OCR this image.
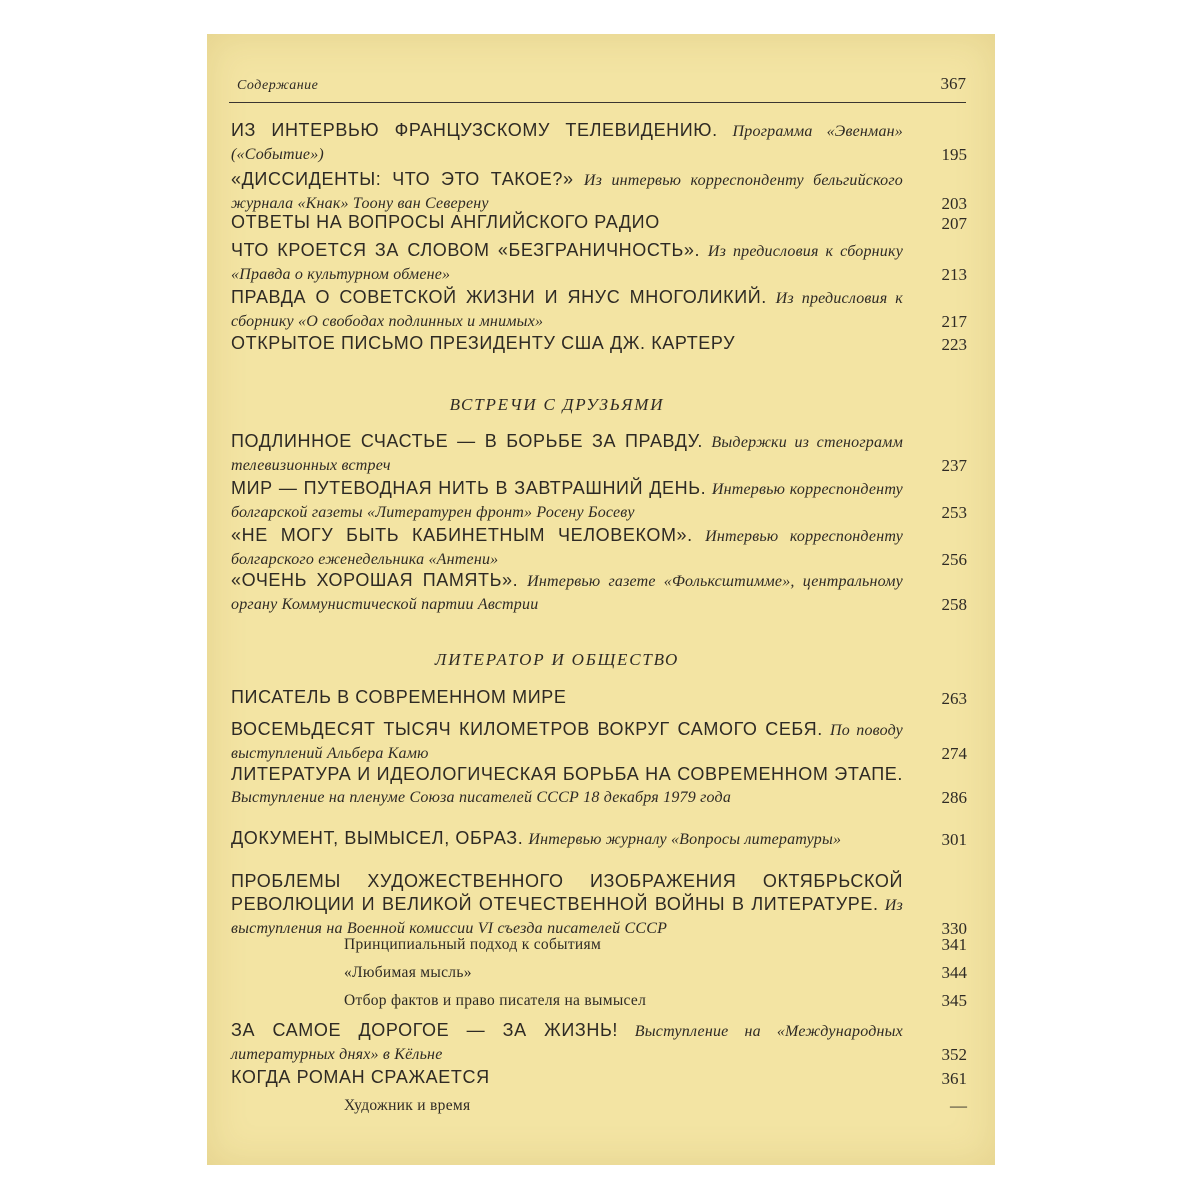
Содержание	367
ИЗ ИНТЕРВЬЮ ФРАНЦУЗСКОМУ ТЕЛЕВИДЕНИЮ. Программа «Эвенман» («Событие»)	195
«ДИССИДЕНТЫ: ЧТО ЭТО ТАКОЕ?» Из интервью корреспонденту бельгийского журнала «Кнак» Тоону ван Северену	203
ОТВЕТЫ НА ВОПРОСЫ АНГЛИЙСКОГО РАДИО	207
ЧТО КРОЕТСЯ ЗА СЛОВОМ «БЕЗГРАНИЧНОСТЬ». Из предисловия к сборнику «Правда о культурном обмене»	213
ПРАВДА О СОВЕТСКОЙ ЖИЗНИ И ЯНУС МНОГОЛИКИЙ. Из предисловия к сборнику «О свободах подлинных и мнимых»	217
ОТКРЫТОЕ ПИСЬМО ПРЕЗИДЕНТУ США ДЖ. КАРТЕРУ	223
ВСТРЕЧИ С ДРУЗЬЯМИ
ПОДЛИННОЕ СЧАСТЬЕ — В БОРЬБЕ ЗА ПРАВДУ. Выдержки из стенограмм телевизионных встреч	237
МИР — ПУТЕВОДНАЯ НИТЬ В ЗАВТРАШНИЙ ДЕНЬ. Интервью корреспонденту болгарской газеты «Литературен фронт» Росену Босеву	253
«НЕ МОГУ БЫТЬ КАБИНЕТНЫМ ЧЕЛОВЕКОМ». Интервью корреспонденту болгарского еженедельника «Антени»	256
«ОЧЕНЬ ХОРОШАЯ ПАМЯТЬ». Интервью газете «Фольксштимме», центральному органу Коммунистической партии Австрии	258
ЛИТЕРАТОР И ОБЩЕСТВО
ПИСАТЕЛЬ В СОВРЕМЕННОМ МИРЕ	263
ВОСЕМЬДЕСЯТ ТЫСЯЧ КИЛОМЕТРОВ ВОКРУГ САМОГО СЕБЯ. По поводу выступлений Альбера Камю	274
ЛИТЕРАТУРА И ИДЕОЛОГИЧЕСКАЯ БОРЬБА НА СОВРЕМЕННОМ ЭТАПЕ. Выступление на пленуме Союза писателей СССР 18 декабря 1979 года	286
ДОКУМЕНТ, ВЫМЫСЕЛ, ОБРАЗ. Интервью журналу «Вопросы литературы»	301
ПРОБЛЕМЫ ХУДОЖЕСТВЕННОГО ИЗОБРАЖЕНИЯ ОКТЯБРЬСКОЙ РЕВОЛЮЦИИ И ВЕЛИКОЙ ОТЕЧЕСТВЕННОЙ ВОЙНЫ В ЛИТЕРАТУРЕ. Из выступления на Военной комиссии VI съезда писателей СССР	330
Принципиальный подход к событиям	341
«Любимая мысль»	344
Отбор фактов и право писателя на вымысел	345
ЗА САМОЕ ДОРОГОЕ — ЗА ЖИЗНЬ! Выступление на «Международных литературных днях» в Кёльне	352
КОГДА РОМАН СРАЖАЕТСЯ	361
Художник и время	—
